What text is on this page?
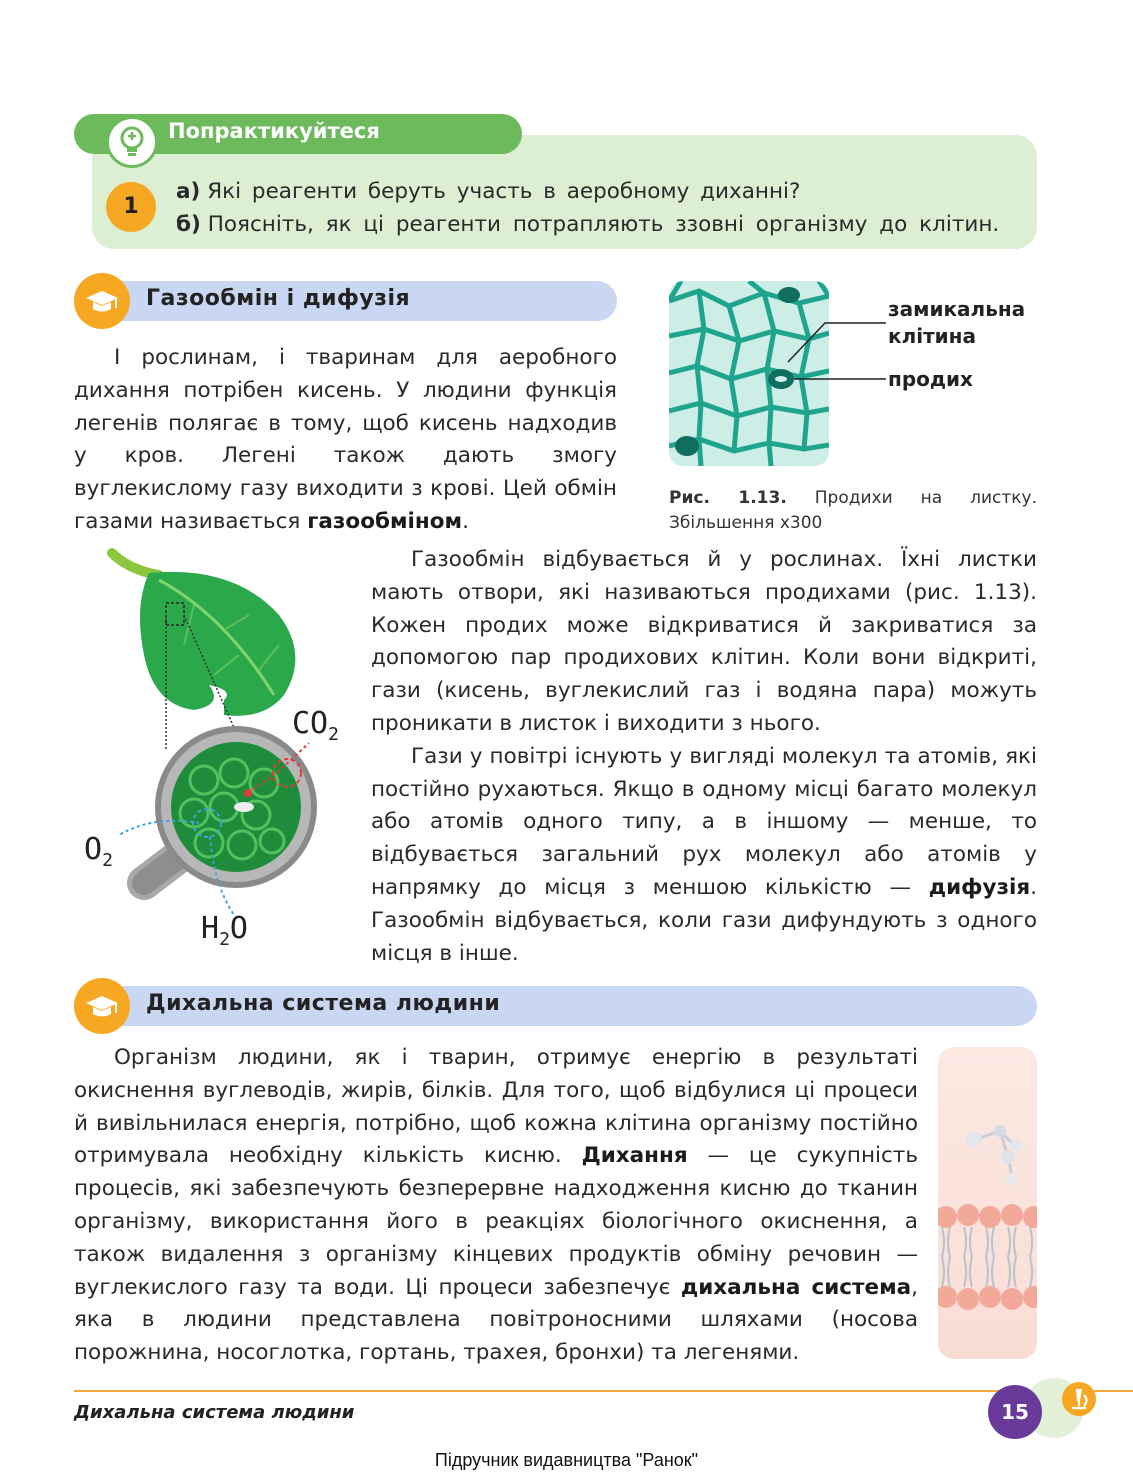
Попрактикуйтеся
1
а) Які реагенти беруть участь в аеробному диханні?
б) Поясніть, як ці реагенти потрапляють ззовні організму до клітин.
Газообмін і дифузія

І рослинам, і тваринам для аеробного дихання потрібен кисень. У людини функція легенів полягає в тому, щоб кисень надходив у кров. Легені також дають змогу вуглекислому газу виходити з крові. Цей обмін газами називається газообміном.

замикальна
клітина
продих
Рис. 1.13. Продихи на листку. Збільшення x300
$CO_2$
$O_2$
$H_2O$

Газообмін відбувається й у рослинах. Їхні листки мають отвори, які називаються продихами (рис. 1.13). Кожен продих може відкриватися й закриватися за допомогою пар продихових клітин. Коли вони відкриті, гази (кисень, вуглекислий газ і водяна пара) можуть проникати в листок і виходити з нього.

Гази у повітрі існують у вигляді молекул та атомів, які постійно рухаються. Якщо в одному місці багато молекул або атомів одного типу, а в іншому — менше, то відбувається загальний рух молекул або атомів у напрямку до місця з меншою кількістю — дифузія. Газообмін відбувається, коли гази дифундують з одного місця в інше.

Дихальна система людини

Організм людини, як і тварин, отримує енергію в результаті окиснення вуглеводів, жирів, білків. Для того, щоб відбулися ці процеси й вивільнилася енергія, потрібно, щоб кожна клітина організму постійно отримувала необхідну кількість кисню. Дихання — це сукупність процесів, які забезпечують безперервне надходження кисню до тканин організму, використання його в реакціях біологічного окиснення, а також видалення з організму кінцевих продуктів обміну речовин — вуглекислого газу та води. Ці процеси забезпечує дихальна система, яка в людини представлена повітроносними шляхами (носова порожнина, носоглотка, гортань, трахея, бронхи) та легенями.

Дихальна система людини	15
Підручник видавництва "Ранок"
